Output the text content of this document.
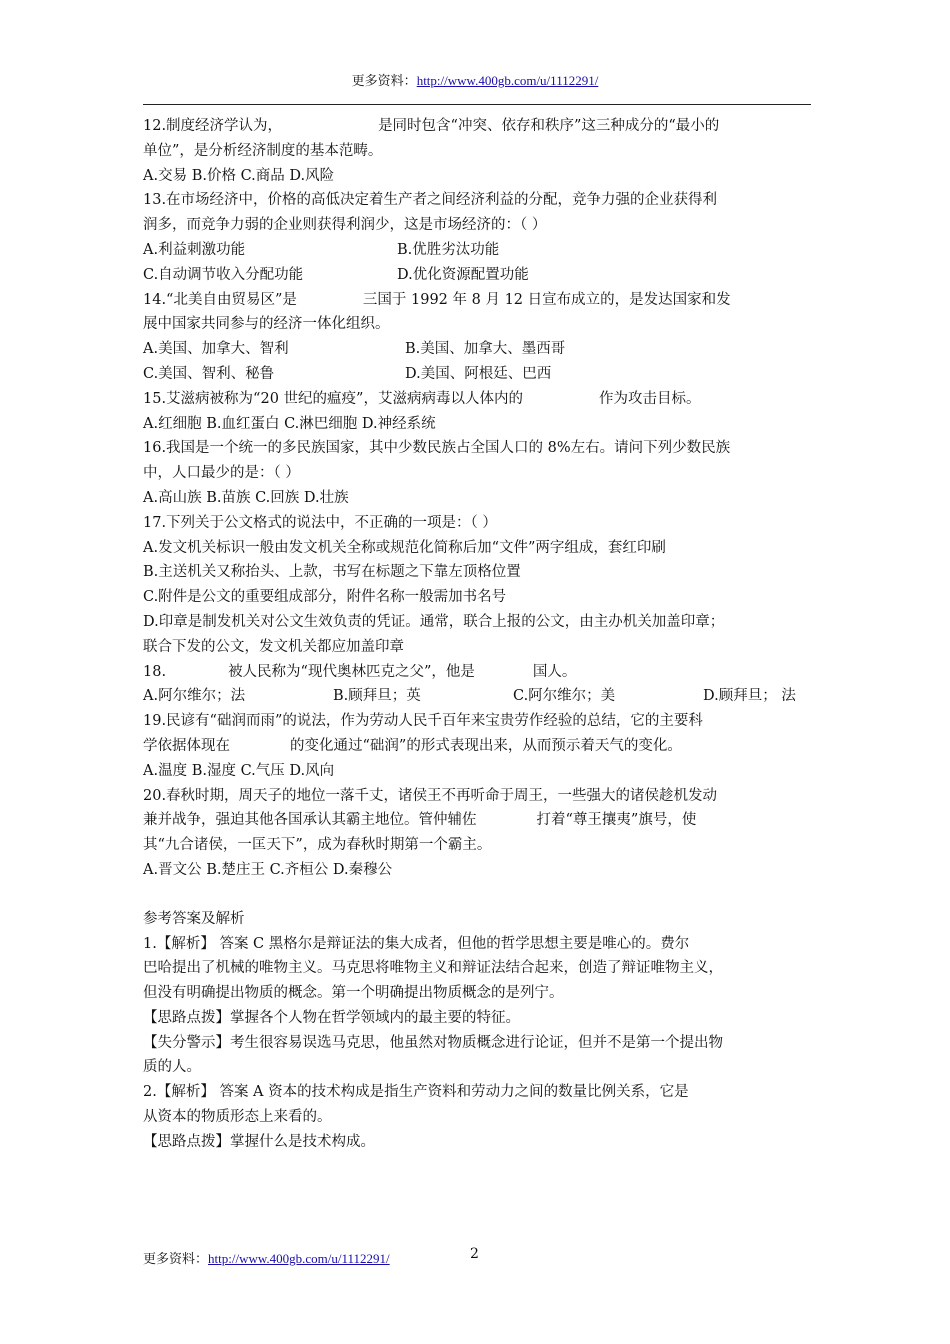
更多资料：http://www.400gb.com/u/1112291/

12.制度经济学认为，	是同时包含“冲突、依存和秩序”这三种成分的“最小的

单位”，是分析经济制度的基本范畴。

A.交易 B.价格 C.商品 D.风险

13.在市场经济中，价格的高低决定着生产者之间经济利益的分配，竞争力强的企业获得利

润多，而竞争力弱的企业则获得利润少，这是市场经济的：（ ）

A.利益刺激功能	B.优胜劣汰功能
C.自动调节收入分配功能	D.优化资源配置功能

14.“北美自由贸易区”是	三国于 1992 年 8 月 12 日宣布成立的，是发达国家和发

展中国家共同参与的经济一体化组织。

A.美国、加拿大、智利	B.美国、加拿大、墨西哥
C.美国、智利、秘鲁	D.美国、阿根廷、巴西

15.艾滋病被称为“20 世纪的瘟疫”，艾滋病病毒以人体内的	作为攻击目标。

A.红细胞 B.血红蛋白 C.淋巴细胞 D.神经系统

16.我国是一个统一的多民族国家，其中少数民族占全国人口的 8%左右。请问下列少数民族

中，人口最少的是：（ ）

A.高山族 B.苗族 C.回族 D.壮族

17.下列关于公文格式的说法中，不正确的一项是：（ ）

A.发文机关标识一般由发文机关全称或规范化简称后加“文件”两字组成，套红印刷

B.主送机关又称抬头、上款，书写在标题之下靠左顶格位置

C.附件是公文的重要组成部分，附件名称一般需加书名号

D.印章是制发机关对公文生效负责的凭证。通常，联合上报的公文，由主办机关加盖印章；

联合下发的公文，发文机关都应加盖印章

18.	被人民称为“现代奥林匹克之父”，他是	国人。

A.阿尔维尔；法	B.顾拜旦；英	C.阿尔维尔；美	D.顾拜旦； 法

19.民谚有“础润而雨”的说法，作为劳动人民千百年来宝贵劳作经验的总结，它的主要科

学依据体现在	的变化通过“础润”的形式表现出来，从而预示着天气的变化。

A.温度 B.湿度 C.气压 D.风向

20.春秋时期，周天子的地位一落千丈，诸侯王不再听命于周王，一些强大的诸侯趁机发动

兼并战争，强迫其他各国承认其霸主地位。管仲辅佐	打着“尊王攘夷”旗号，使

其“九合诸侯，一匡天下”，成为春秋时期第一个霸主。

A.晋文公 B.楚庄王 C.齐桓公 D.秦穆公

参考答案及解析

1.【解析】 答案 C 黑格尔是辩证法的集大成者，但他的哲学思想主要是唯心的。费尔

巴哈提出了机械的唯物主义。马克思将唯物主义和辩证法结合起来，创造了辩证唯物主义，

但没有明确提出物质的概念。第一个明确提出物质概念的是列宁。

【思路点拨】掌握各个人物在哲学领域内的最主要的特征。

【失分警示】考生很容易误选马克思，他虽然对物质概念进行论证，但并不是第一个提出物

质的人。

2.【解析】 答案 A 资本的技术构成是指生产资料和劳动力之间的数量比例关系，它是

从资本的物质形态上来看的。

【思路点拨】掌握什么是技术构成。

更多资料：http://www.400gb.com/u/1112291/	2
